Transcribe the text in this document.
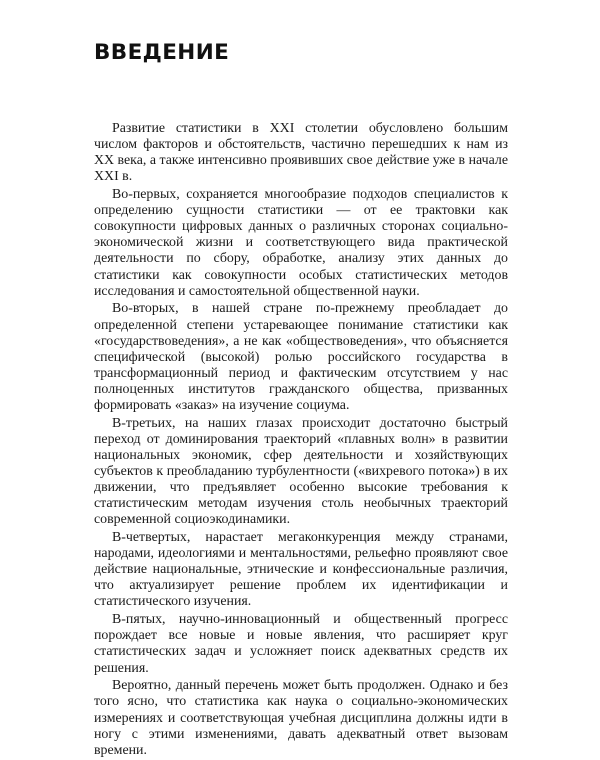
ВВЕДЕНИЕ

Развитие статистики в XXI столетии обусловлено большим числом факторов и обстоятельств, частично перешедших к нам из XX века, а также интенсивно проявивших свое действие уже в начале XXI в.

Во-первых, сохраняется многообразие подходов специалистов к определению сущности статистики — от ее трактовки как совокупности цифровых данных о различных сторонах социально-экономической жизни и соответствующего вида практической деятельности по сбору, обработке, анализу этих данных до статистики как совокупности особых статистических методов исследования и самостоятельной общественной науки.

Во-вторых, в нашей стране по-прежнему преобладает до определенной степени устаревающее понимание статистики как «государствоведения», а не как «обществоведения», что объясняется специфической (высокой) ролью российского государства в трансформационный период и фактическим отсутствием у нас полноценных институтов гражданского общества, призванных формировать «заказ» на изучение социума.

В-третьих, на наших глазах происходит достаточно быстрый переход от доминирования траекторий «плавных волн» в развитии национальных экономик, сфер деятельности и хозяйствующих субъектов к преобладанию турбулентности («вихревого потока») в их движении, что предъявляет особенно высокие требования к статистическим методам изучения столь необычных траекторий современной социоэкодинамики.

В-четвертых, нарастает мегаконкуренция между странами, народами, идеологиями и ментальностями, рельефно проявляют свое действие национальные, этнические и конфессиональные различия, что актуализирует решение проблем их идентификации и статистического изучения.

В-пятых, научно-инновационный и общественный прогресс порождает все новые и новые явления, что расширяет круг статистических задач и усложняет поиск адекватных средств их решения.

Вероятно, данный перечень может быть продолжен. Однако и без того ясно, что статистика как наука о социально-экономических измерениях и соответствующая учебная дисциплина должны идти в ногу с этими изменениями, давать адекватный ответ вызовам времени.
